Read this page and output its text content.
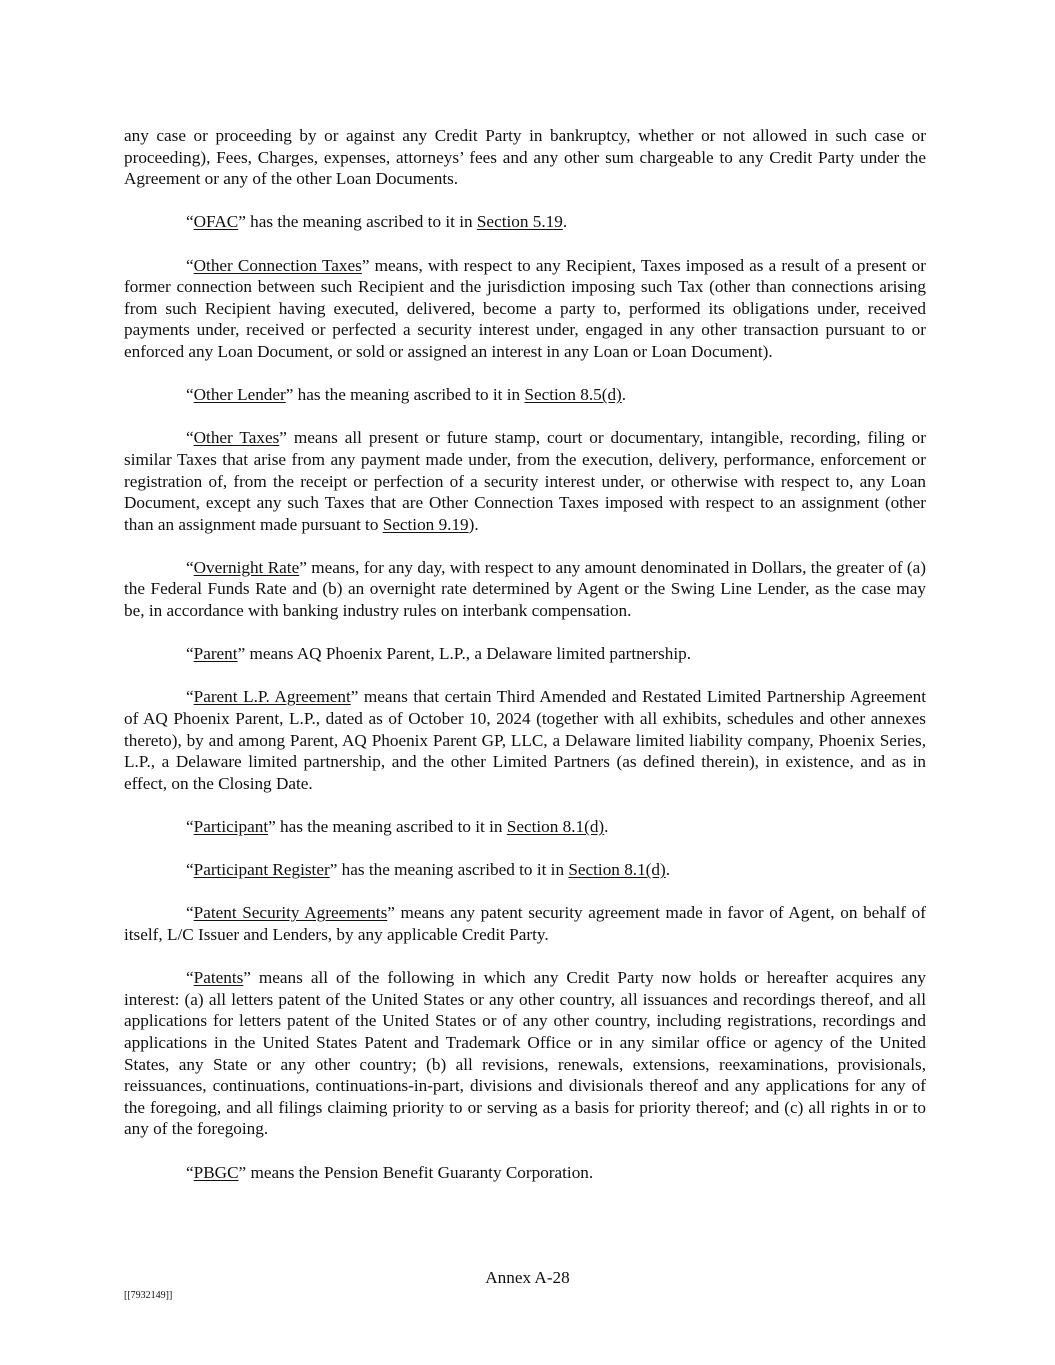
any case or proceeding by or against any Credit Party in bankruptcy, whether or not allowed in such case or proceeding), Fees, Charges, expenses, attorneys’ fees and any other sum chargeable to any Credit Party under the Agreement or any of the other Loan Documents.

“OFAC” has the meaning ascribed to it in Section 5.19.

“Other Connection Taxes” means, with respect to any Recipient, Taxes imposed as a result of a present or former connection between such Recipient and the jurisdiction imposing such Tax (other than connections arising from such Recipient having executed, delivered, become a party to, performed its obligations under, received payments under, received or perfected a security interest under, engaged in any other transaction pursuant to or enforced any Loan Document, or sold or assigned an interest in any Loan or Loan Document).

“Other Lender” has the meaning ascribed to it in Section 8.5(d).

“Other Taxes” means all present or future stamp, court or documentary, intangible, recording, filing or similar Taxes that arise from any payment made under, from the execution, delivery, performance, enforcement or registration of, from the receipt or perfection of a security interest under, or otherwise with respect to, any Loan Document, except any such Taxes that are Other Connection Taxes imposed with respect to an assignment (other than an assignment made pursuant to Section 9.19).

“Overnight Rate” means, for any day, with respect to any amount denominated in Dollars, the greater of (a) the Federal Funds Rate and (b) an overnight rate determined by Agent or the Swing Line Lender, as the case may be, in accordance with banking industry rules on interbank compensation.

“Parent” means AQ Phoenix Parent, L.P., a Delaware limited partnership.

“Parent L.P. Agreement” means that certain Third Amended and Restated Limited Partnership Agreement of AQ Phoenix Parent, L.P., dated as of October 10, 2024 (together with all exhibits, schedules and other annexes thereto), by and among Parent, AQ Phoenix Parent GP, LLC, a Delaware limited liability company, Phoenix Series, L.P., a Delaware limited partnership, and the other Limited Partners (as defined therein), in existence, and as in effect, on the Closing Date.

“Participant” has the meaning ascribed to it in Section 8.1(d).

“Participant Register” has the meaning ascribed to it in Section 8.1(d).

“Patent Security Agreements” means any patent security agreement made in favor of Agent, on behalf of itself, L/C Issuer and Lenders, by any applicable Credit Party.

“Patents” means all of the following in which any Credit Party now holds or hereafter acquires any interest: (a) all letters patent of the United States or any other country, all issuances and recordings thereof, and all applications for letters patent of the United States or of any other country, including registrations, recordings and applications in the United States Patent and Trademark Office or in any similar office or agency of the United States, any State or any other country; (b) all revisions, renewals, extensions, reexaminations, provisionals, reissuances, continuations, continuations-in-part, divisions and divisionals thereof and any applications for any of the foregoing, and all filings claiming priority to or serving as a basis for priority thereof; and (c) all rights in or to any of the foregoing.

“PBGC” means the Pension Benefit Guaranty Corporation.

Annex A-28
[[7932149]]
